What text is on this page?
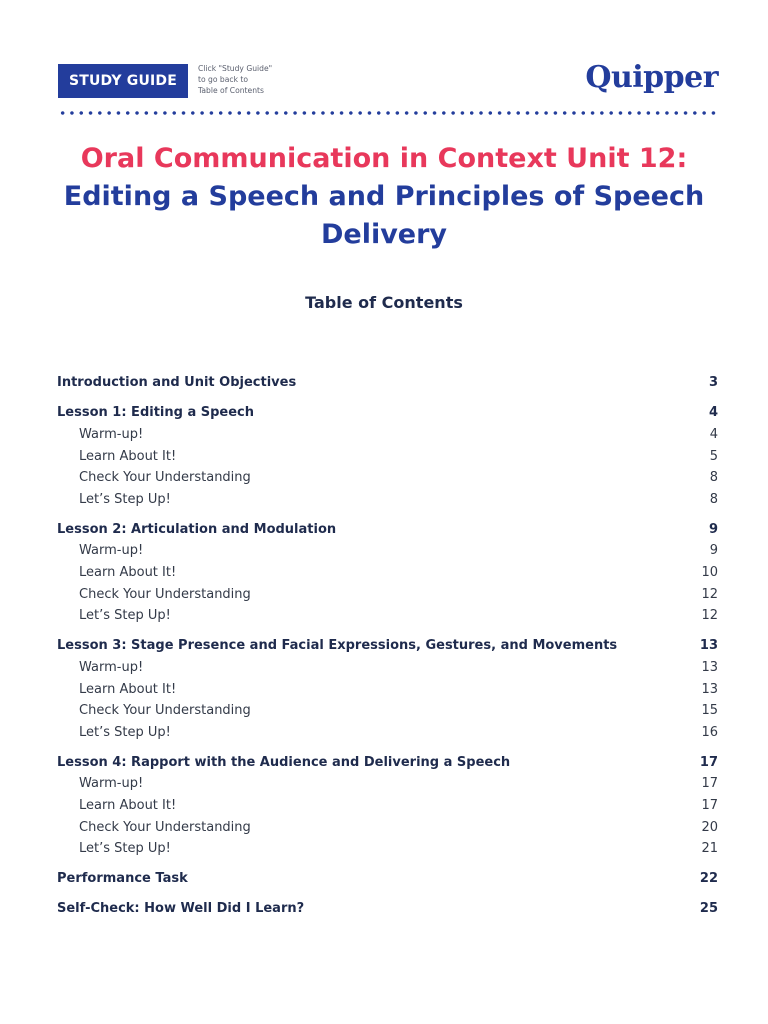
STUDY GUIDE
Click "Study Guide"
to go back to
Table of Contents	Quipper
Oral Communication in Context Unit 12:
Editing a Speech and Principles of Speech Delivery
Table of Contents
Introduction and Unit Objectives	3
Lesson 1: Editing a Speech	4
Warm-up!	4
Learn About It!	5
Check Your Understanding	8
Let’s Step Up!	8
Lesson 2: Articulation and Modulation	9
Warm-up!	9
Learn About It!	10
Check Your Understanding	12
Let’s Step Up!	12
Lesson 3: Stage Presence and Facial Expressions, Gestures, and Movements	13
Warm-up!	13
Learn About It!	13
Check Your Understanding	15
Let’s Step Up!	16
Lesson 4: Rapport with the Audience and Delivering a Speech	17
Warm-up!	17
Learn About It!	17
Check Your Understanding	20
Let’s Step Up!	21
Performance Task	22
Self-Check: How Well Did I Learn?	25
